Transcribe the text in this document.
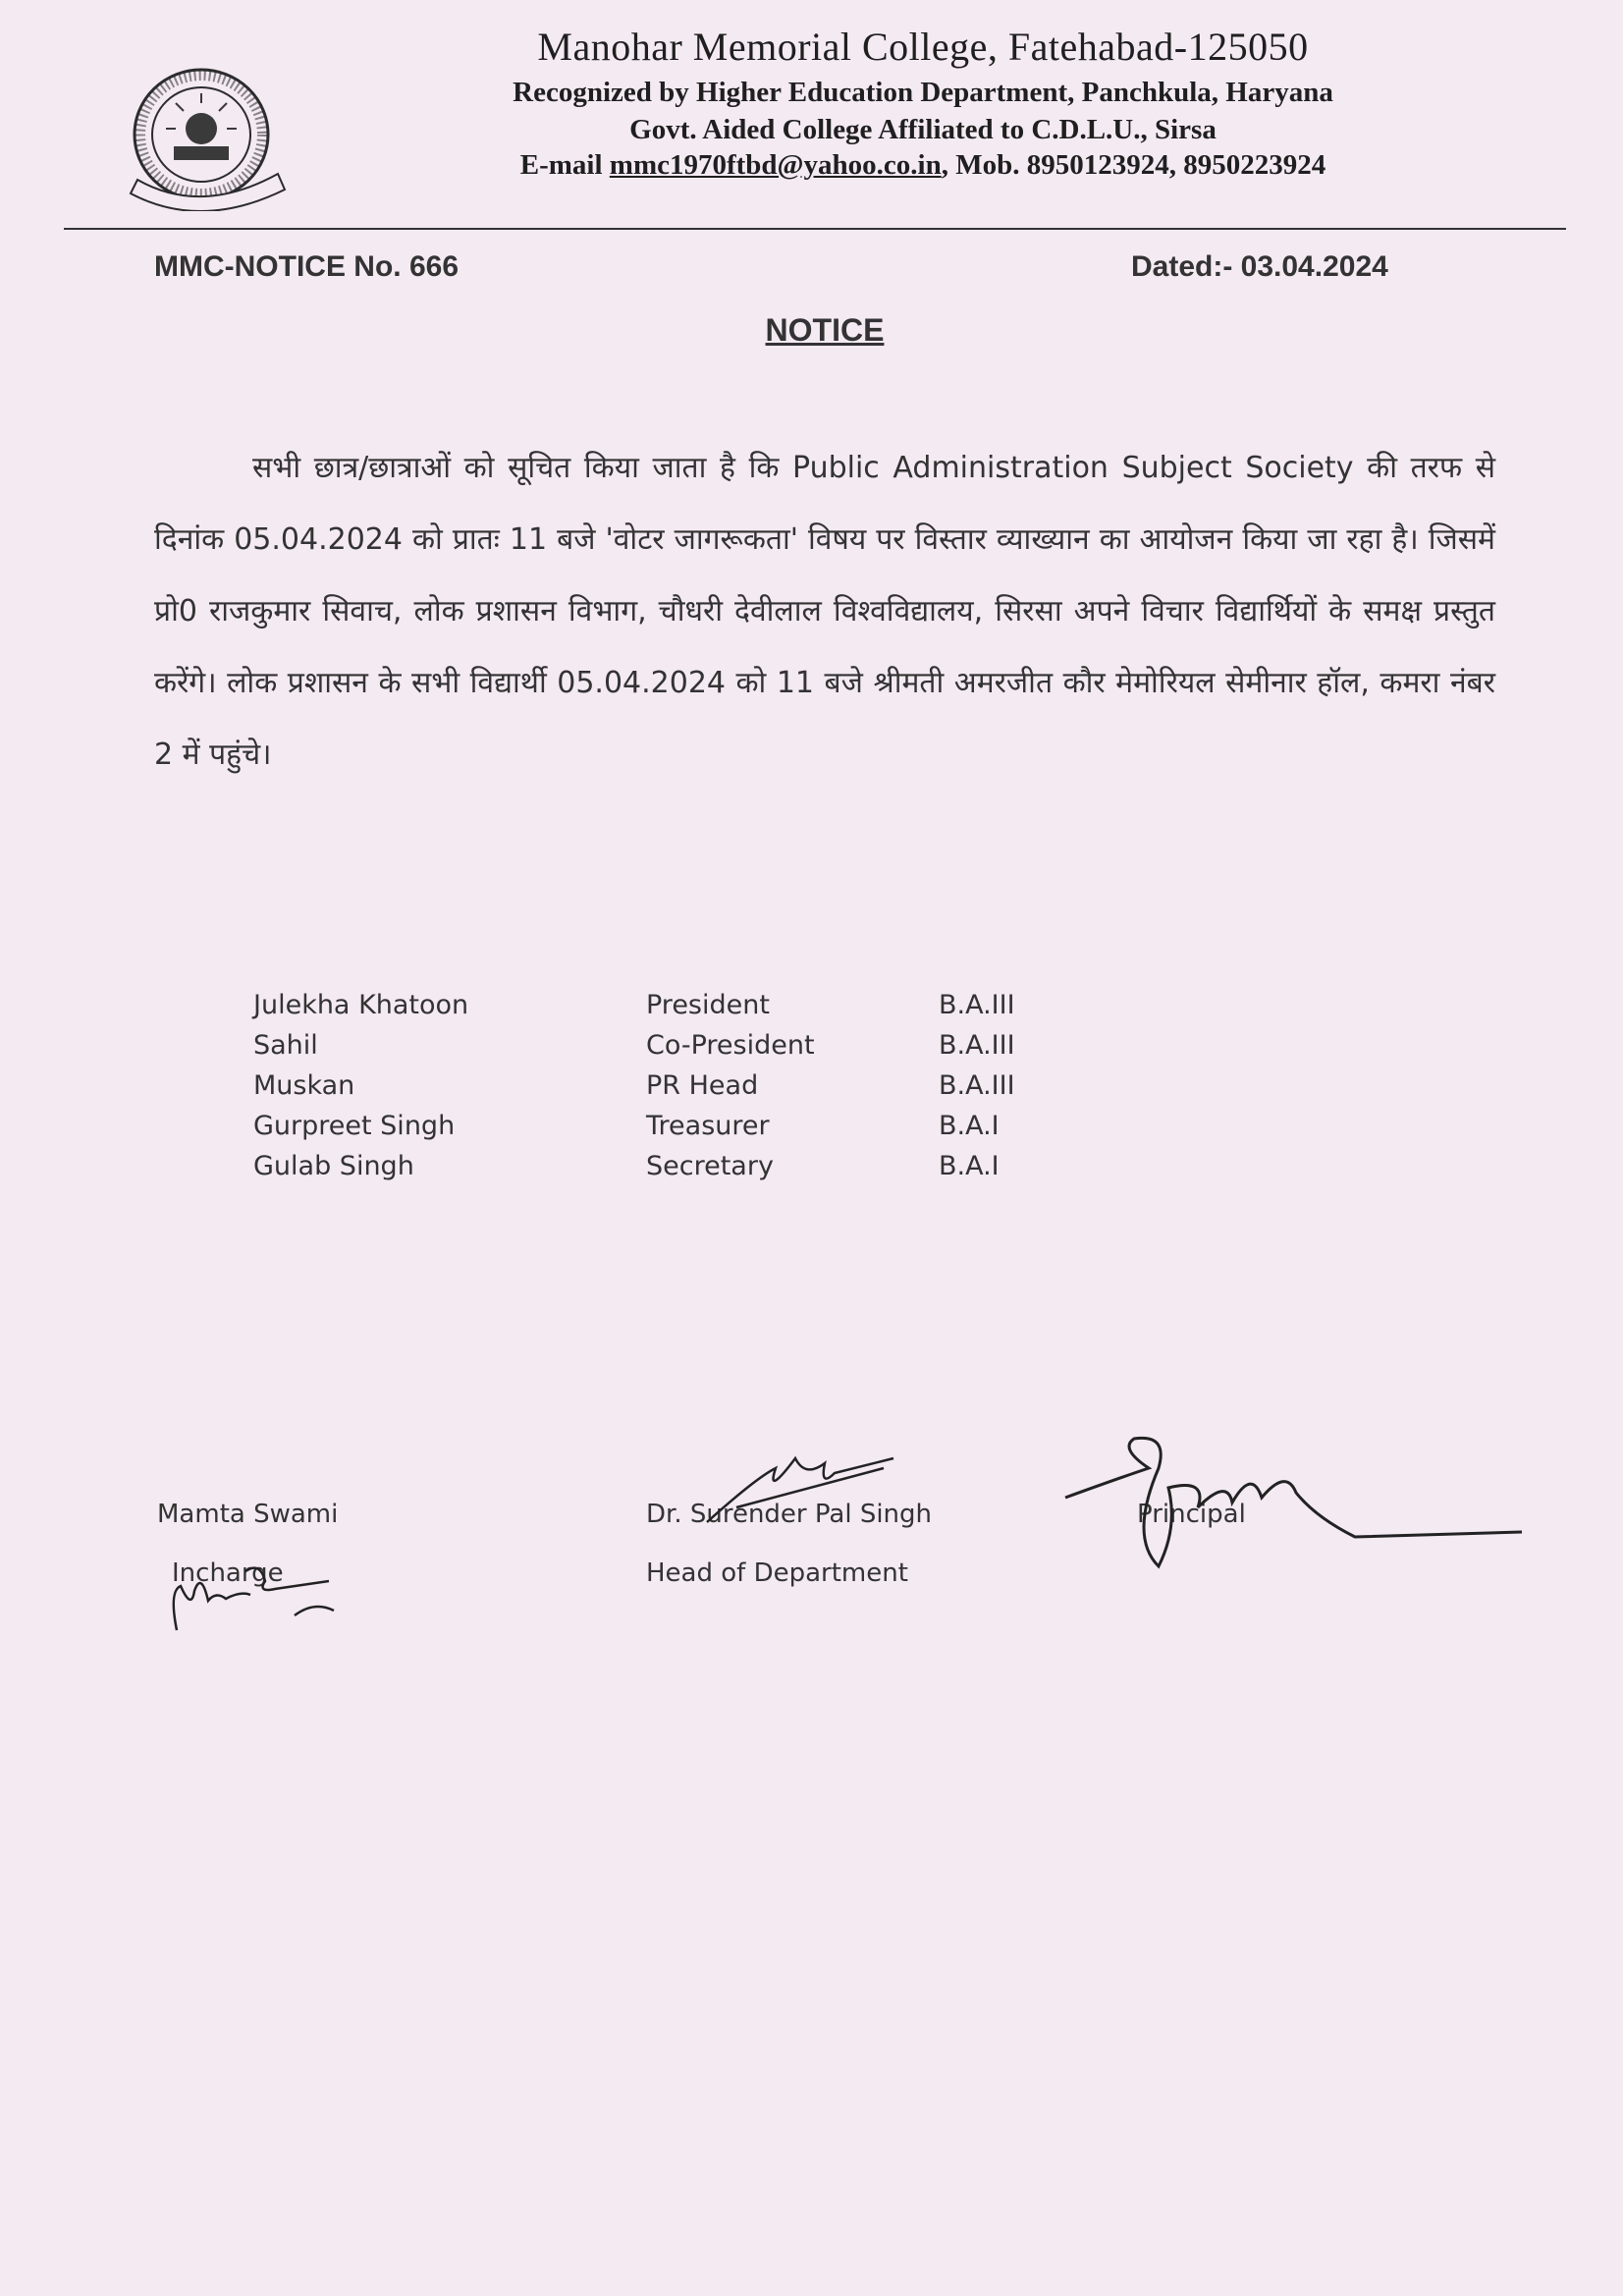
Manohar Memorial College, Fatehabad-125050
Recognized by Higher Education Department, Panchkula, Haryana
Govt. Aided College Affiliated to C.D.L.U., Sirsa
E-mail mmc1970ftbd@yahoo.co.in, Mob. 8950123924, 8950223924
MMC-NOTICE No. 666	Dated:- 03.04.2024
NOTICE

सभी छात्र/छात्राओं को सूचित किया जाता है कि Public Administration Subject Society की तरफ से दिनांक 05.04.2024 को प्रातः 11 बजे 'वोटर जागरूकता' विषय पर विस्तार व्याख्यान का आयोजन किया जा रहा है। जिसमें प्रो0 राजकुमार सिवाच, लोक प्रशासन विभाग, चौधरी देवीलाल विश्वविद्यालय, सिरसा अपने विचार विद्यार्थियों के समक्ष प्रस्तुत करेंगे। लोक प्रशासन के सभी विद्यार्थी 05.04.2024 को 11 बजे श्रीमती अमरजीत कौर मेमोरियल सेमीनार हॉल, कमरा नंबर 2 में पहुंचे।

Julekha Khatoon	President	B.A.III
Sahil	Co-President	B.A.III
Muskan	PR Head	B.A.III
Gurpreet Singh	Treasurer	B.A.I
Gulab Singh	Secretary	B.A.I
Mamta Swami
Incharge
Dr. Surender Pal Singh
Head of Department
Principal
